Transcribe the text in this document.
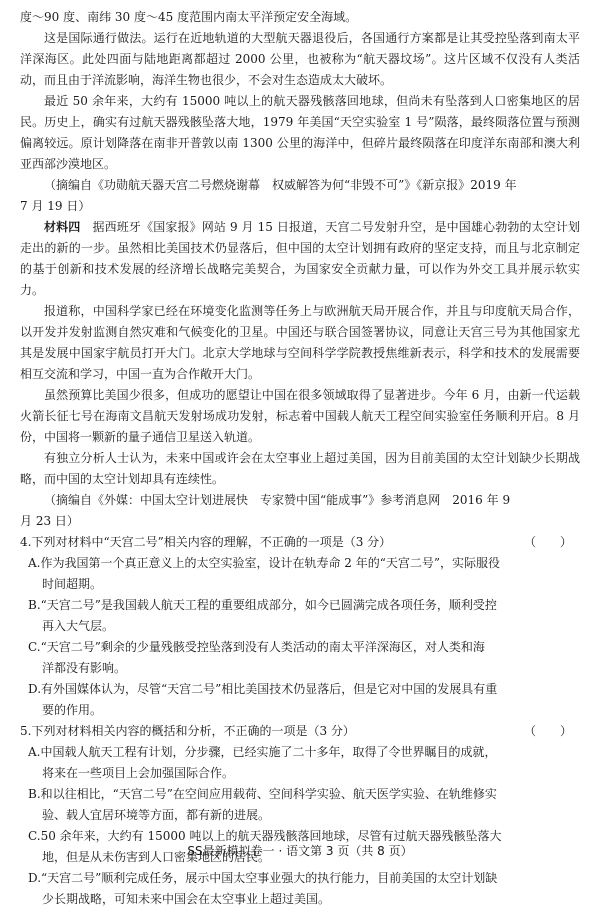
度～90 度、南纬 30 度～45 度范围内南太平洋预定安全海域。

这是国际通行做法。运行在近地轨道的大型航天器退役后，各国通行方案都是让其受控坠落到南太平洋深海区。此处四面与陆地距离都超过 2000 公里，也被称为“航天器坟场”。这片区域不仅没有人类活动，而且由于洋流影响，海洋生物也很少，不会对生态造成太大破坏。

最近 50 余年来，大约有 15000 吨以上的航天器残骸落回地球，但尚未有坠落到人口密集地区的居民。历史上，确实有过航天器残骸坠落大地，1979 年美国“天空实验室 1 号”陨落，最终陨落位置与预测偏离较远。原计划降落在南非开普敦以南 1300 公里的海洋中，但碎片最终陨落在印度洋东南部和澳大利亚西部沙漠地区。

（摘编自《功勋航天器天宫二号燃烧谢幕　权威解答为何“非毁不可”》《新京报》2019 年

7 月 19 日）

材料四　据西班牙《国家报》网站 9 月 15 日报道，天宫二号发射升空，是中国雄心勃勃的太空计划走出的新的一步。虽然相比美国技术仍显落后，但中国的太空计划拥有政府的坚定支持，而且与北京制定的基于创新和技术发展的经济增长战略完美契合，为国家安全贡献力量，可以作为外交工具并展示软实力。

报道称，中国科学家已经在环境变化监测等任务上与欧洲航天局开展合作，并且与印度航天局合作，以开发并发射监测自然灾难和气候变化的卫星。中国还与联合国签署协议，同意让天宫三号为其他国家尤其是发展中国家宇航员打开大门。北京大学地球与空间科学学院教授焦维新表示，科学和技术的发展需要相互交流和学习，中国一直为合作敞开大门。

虽然预算比美国少很多，但成功的愿望让中国在很多领域取得了显著进步。今年 6 月，由新一代运载火箭长征七号在海南文昌航天发射场成功发射，标志着中国载人航天工程空间实验室任务顺利开启。8 月份，中国将一颗新的量子通信卫星送入轨道。

有独立分析人士认为，未来中国或许会在太空事业上超过美国，因为目前美国的太空计划缺少长期战略，而中国的太空计划却具有连续性。

（摘编自《外媒：中国太空计划进展快　专家赞中国“能成事”》参考消息网　2016 年 9

月 23 日）

4.下列对材料中“天宫二号”相关内容的理解，不正确的一项是（3 分）	（　　）
A.作为我国第一个真正意义上的太空实验室，设计在轨寿命 2 年的“天宫二号”，实际服役
时间超期。
B.“天宫二号”是我国载人航天工程的重要组成部分，如今已圆满完成各项任务，顺利受控
再入大气层。
C.“天宫二号”剩余的少量残骸受控坠落到没有人类活动的南太平洋深海区，对人类和海
洋都没有影响。
D.有外国媒体认为，尽管“天宫二号”相比美国技术仍显落后，但是它对中国的发展具有重
要的作用。
5.下列对材料相关内容的概括和分析，不正确的一项是（3 分）	（　　）
A.中国载人航天工程有计划，分步骤，已经实施了二十多年，取得了令世界瞩目的成就，
将来在一些项目上会加强国际合作。
B.和以往相比，“天宫二号”在空间应用载荷、空间科学实验、航天医学实验、在轨维修实
验、载人宜居环境等方面，都有新的进展。
C.50 余年来，大约有 15000 吨以上的航天器残骸落回地球，尽管有过航天器残骸坠落大
地，但是从未伤害到人口密集地区的居民。
D.“天宫二号”顺利完成任务，展示中国太空事业强大的执行能力，目前美国的太空计划缺
少长期战略，可知未来中国会在太空事业上超过美国。
SS最新模拟卷一 · 语文第 3 页（共 8 页）
